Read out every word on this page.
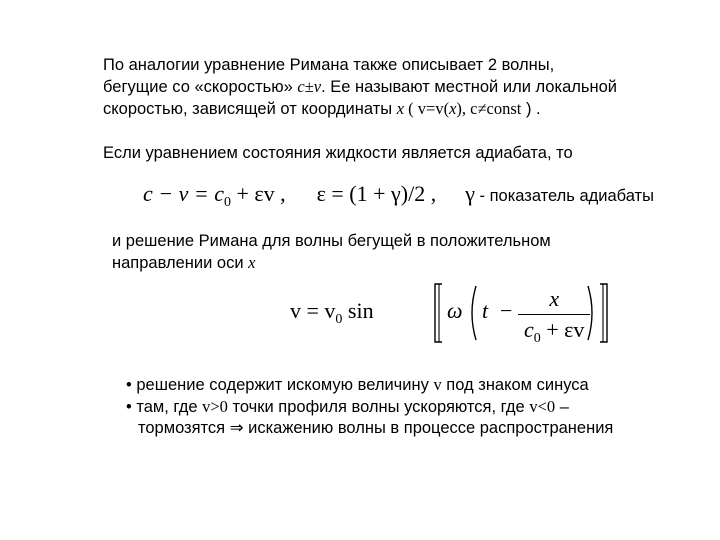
По аналогии уравнение Римана также описывает 2 волны,
бегущие со «скоростью» c±v. Ее называют местной или локальной
скоростью, зависящей от координаты x ( v=v(x), c≠const ) .
Если уравнением состояния жидкости является адиабата, то
$c - v = c_0 + \varepsilon v$ , ε = (1 + γ)/2 , γ - показатель адиабаты
и решение Римана для волны бегущей в положительном
направлении оси x
$v = v_0$ sin	ω $t - \frac{x}{c_0 + \varepsilon v}$
• решение содержит искомую величину v под знаком синуса
• там, где v>0 точки профиля волны ускоряются, где v<0 –
тормозятся ⇒ искажению волны в процессе распространения
